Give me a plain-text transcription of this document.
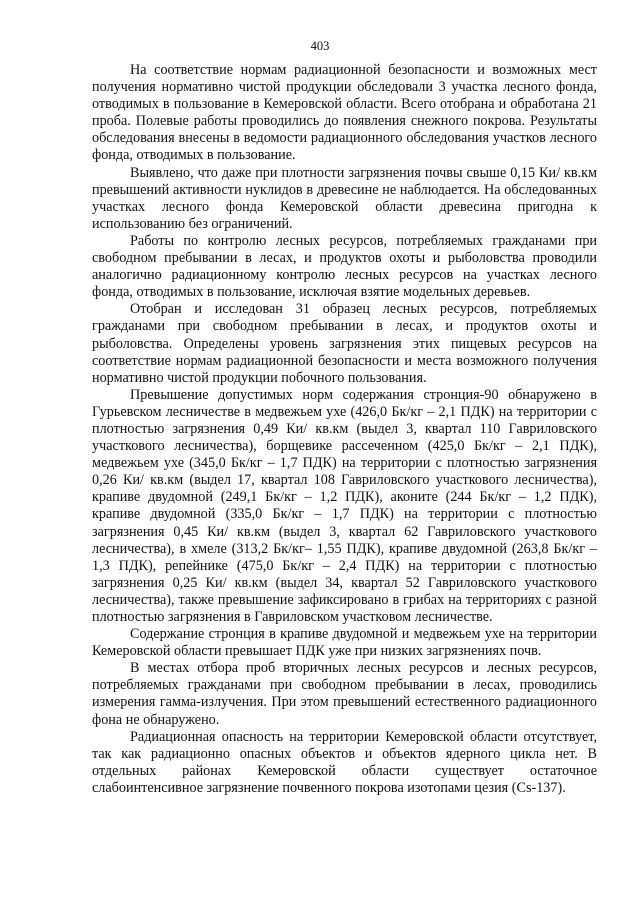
403

На соответствие нормам радиационной безопасности и возможных мест получения нормативно чистой продукции обследовали 3 участка лесного фонда, отводимых в пользование в Кемеровской области. Всего отобрана и обработана 21 проба. Полевые работы проводились до появления снежного покрова. Результаты обследования внесены в ведомости радиационного обследования участков лесного фонда, отводимых в пользование.

Выявлено, что даже при плотности загрязнения почвы свыше 0,15 Ки/ кв.км превышений активности нуклидов в древесине не наблюдается. На обследованных участках лесного фонда Кемеровской области древесина пригодна к использованию без ограничений.

Работы по контролю лесных ресурсов, потребляемых гражданами при свободном пребывании в лесах, и продуктов охоты и рыболовства проводили аналогично радиационному контролю лесных ресурсов на участках лесного фонда, отводимых в пользование, исключая взятие модельных деревьев.

Отобран и исследован 31 образец лесных ресурсов, потребляемых гражданами при свободном пребывании в лесах, и продуктов охоты и рыболовства. Определены уровень загрязнения этих пищевых ресурсов на соответствие нормам радиационной безопасности и места возможного получения нормативно чистой продукции побочного пользования.

Превышение допустимых норм содержания стронция-90 обнаружено в Гурьевском лесничестве в медвежьем ухе (426,0 Бк/кг – 2,1 ПДК) на территории с плотностью загрязнения 0,49 Ки/ кв.км (выдел 3, квартал 110 Гавриловского участкового лесничества), борщевике рассеченном (425,0 Бк/кг – 2,1 ПДК), медвежьем ухе (345,0 Бк/кг – 1,7 ПДК) на территории с плотностью загрязнения 0,26 Ки/ кв.км (выдел 17, квартал 108 Гавриловского участкового лесничества), крапиве двудомной (249,1 Бк/кг – 1,2 ПДК), аконите (244 Бк/кг – 1,2 ПДК), крапиве двудомной (335,0 Бк/кг – 1,7 ПДК) на территории с плотностью загрязнения 0,45 Ки/ кв.км (выдел 3, квартал 62 Гавриловского участкового лесничества), в хмеле (313,2 Бк/кг– 1,55 ПДК), крапиве двудомной (263,8 Бк/кг – 1,3 ПДК), репейнике (475,0 Бк/кг – 2,4 ПДК) на территории с плотностью загрязнения 0,25 Ки/ кв.км (выдел 34, квартал 52 Гавриловского участкового лесничества), также превышение зафиксировано в грибах на территориях с разной плотностью загрязнения в Гавриловском участковом лесничестве.

Содержание стронция в крапиве двудомной и медвежьем ухе на территории Кемеровской области превышает ПДК уже при низких загрязнениях почв.

В местах отбора проб вторичных лесных ресурсов и лесных ресурсов, потребляемых гражданами при свободном пребывании в лесах, проводились измерения гамма-излучения. При этом превышений естественного радиационного фона не обнаружено.

Радиационная опасность на территории Кемеровской области отсутствует, так как радиационно опасных объектов и объектов ядерного цикла нет. В отдельных районах Кемеровской области существует остаточное слабоинтенсивное загрязнение почвенного покрова изотопами цезия (Cs-137).
